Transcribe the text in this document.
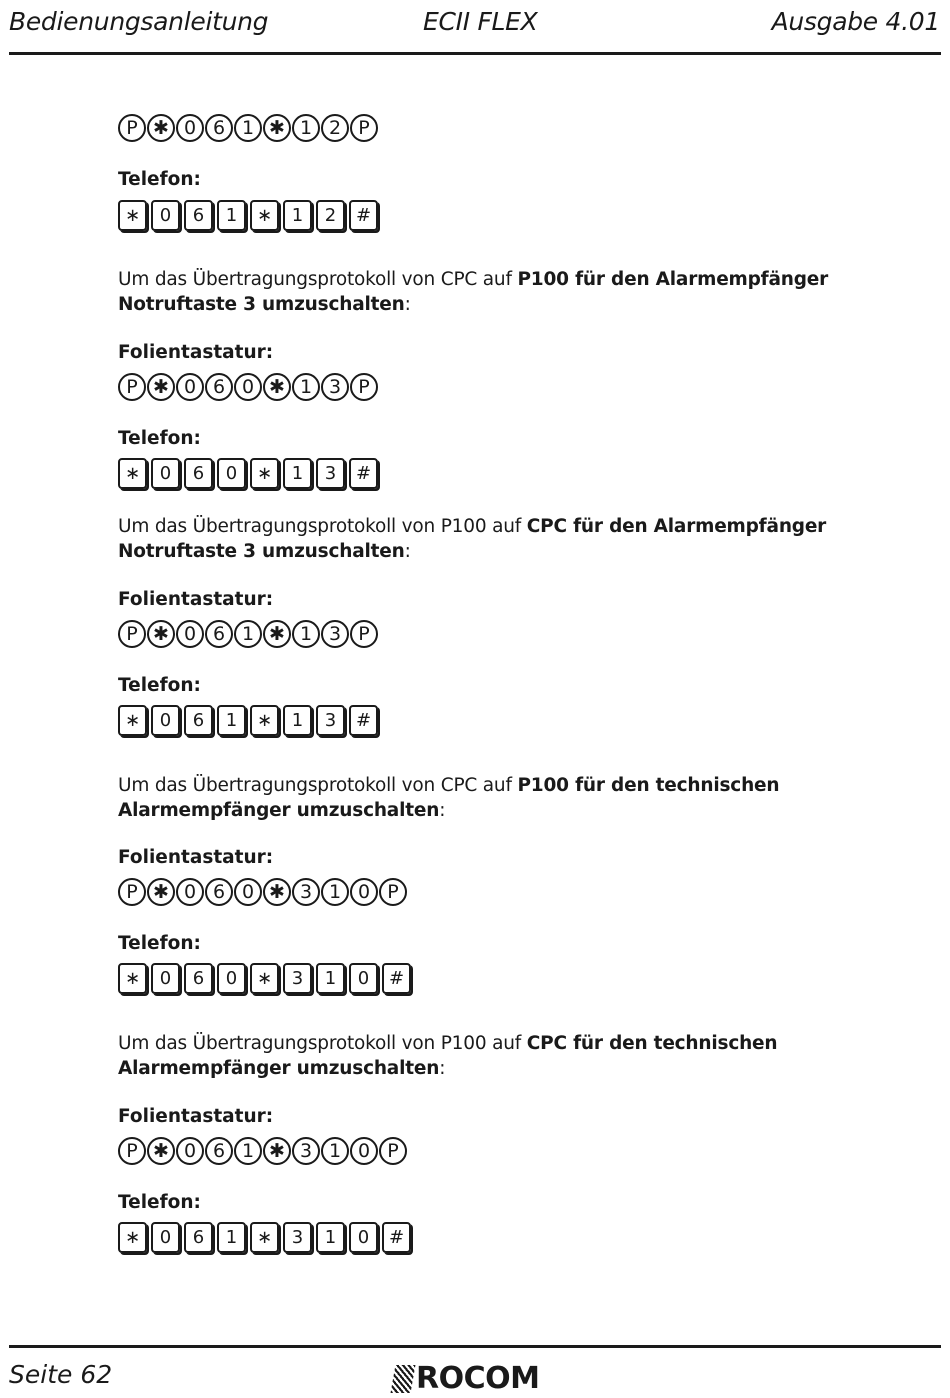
Bedienungsanleitung	ECII FLEX	Ausgabe 4.01
P ✱ 0 6 1 ✱ 1 2 P
Telefon:
∗	0	6	1	∗	1	2	#
Um das Übertragungsprotokoll von CPC auf P100 für den Alarmempfänger Notruftaste 3 umzuschalten:
Folientastatur:
P ✱ 0 6 0 ✱ 1 3 P
Telefon:
∗	0	6	0	∗	1	3	#
Um das Übertragungsprotokoll von P100 auf CPC für den Alarmempfänger Notruftaste 3 umzuschalten:
Folientastatur:
P ✱ 0 6 1 ✱ 1 3 P
Telefon:
∗	0	6	1	∗	1	3	#
Um das Übertragungsprotokoll von CPC auf P100 für den technischen Alarmempfänger umzuschalten:
Folientastatur:
P ✱ 0 6 0 ✱ 3 1 0 P
Telefon:
∗	0	6	0	∗	3	1	0	#
Um das Übertragungsprotokoll von P100 auf CPC für den technischen Alarmempfänger umzuschalten:
Folientastatur:
P ✱ 0 6 1 ✱ 3 1 0 P
Telefon:
∗	0	6	1	∗	3	1	0	#
Seite 62	ROCOM
